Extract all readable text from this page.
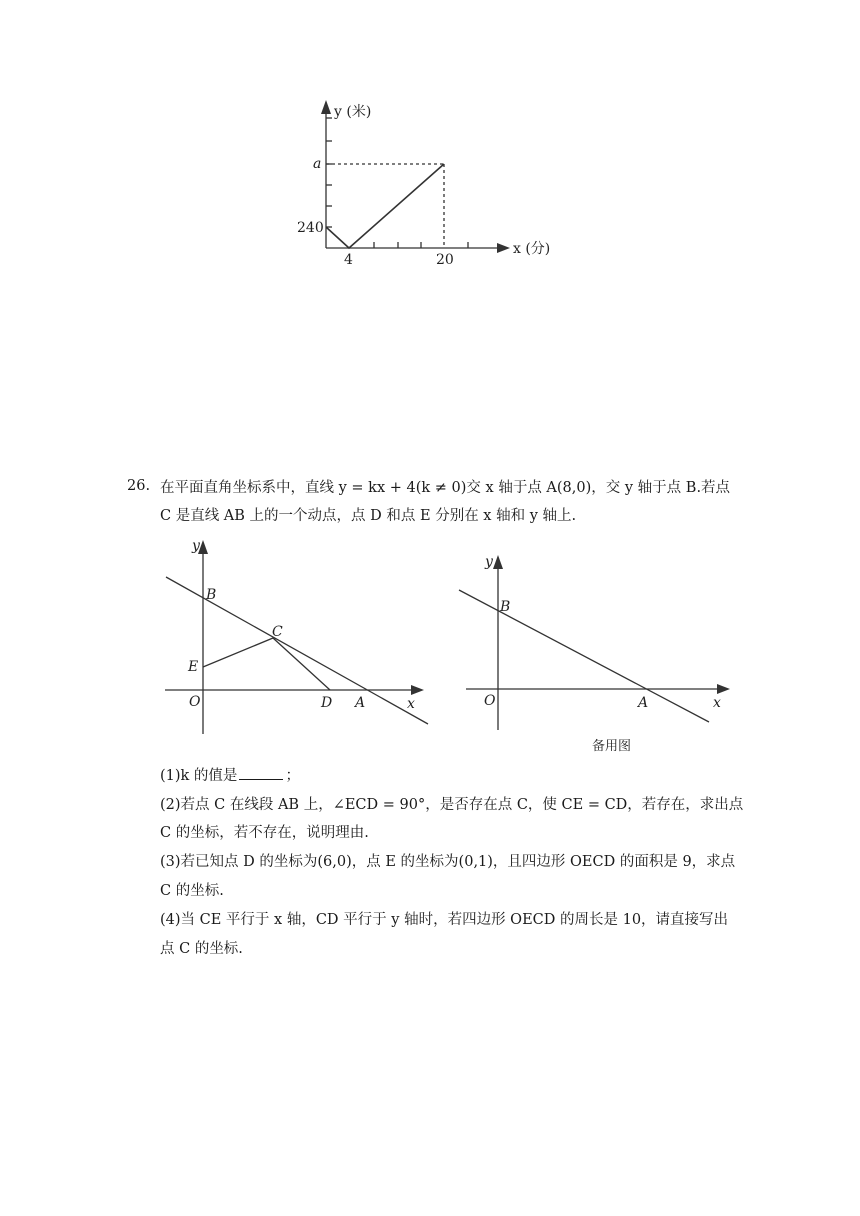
y (米)
a
240
4	20
x (分)
y
x
O
B
C
E
D A
y
x
O
B
A
备用图
26. 在平面直角坐标系中，直线 y = kx + 4(k ≠ 0)交 x 轴于点 A(8,0)，交 y 轴于点 B.若点
C 是直线 AB 上的一个动点，点 D 和点 E 分别在 x 轴和 y 轴上.
(1)k 的值是	；
(2)若点 C 在线段 AB 上，∠ECD = 90°，是否存在点 C，使 CE = CD，若存在，求出点
C 的坐标，若不存在，说明理由.
(3)若已知点 D 的坐标为(6,0)，点 E 的坐标为(0,1)，且四边形 OECD 的面积是 9，求点
C 的坐标.
(4)当 CE 平行于 x 轴，CD 平行于 y 轴时，若四边形 OECD 的周长是 10，请直接写出
点 C 的坐标.
